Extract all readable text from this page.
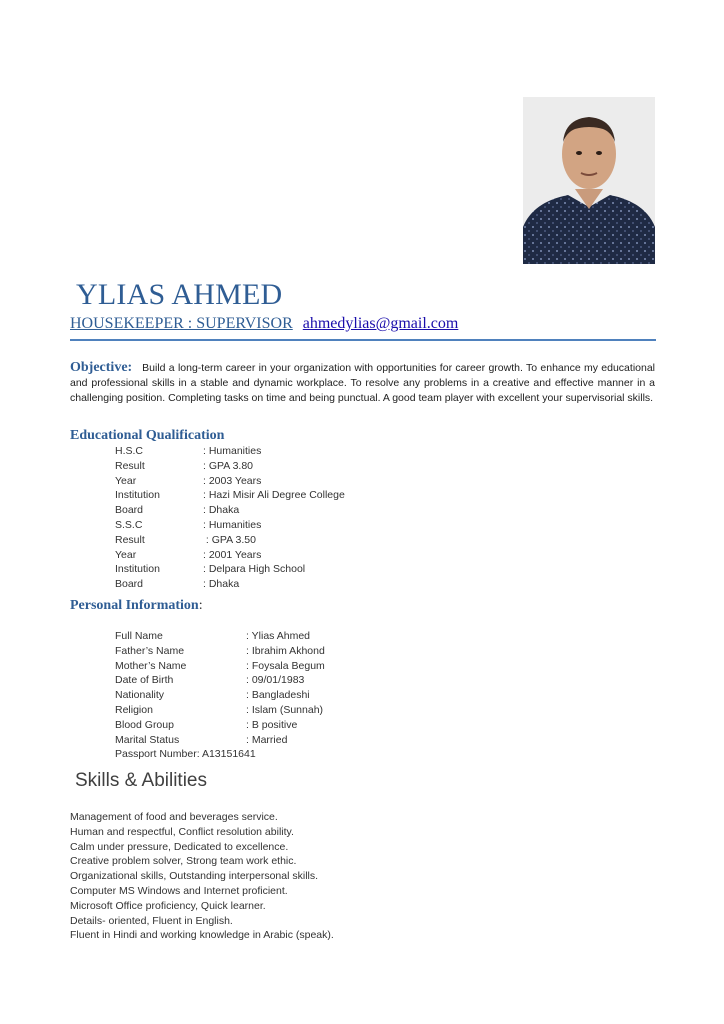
YLIAS AHMED
HOUSEKEEPER : SUPERVISOR ahmedylias@gmail.com
Objective: Build a long-term career in your organization with opportunities for career growth. To enhance my educational and professional skills in a stable and dynamic workplace. To resolve any problems in a creative and effective manner in a challenging position. Completing tasks on time and being punctual. A good team player with excellent your supervisorial skills.
Educational Qualification
H.S.C	: Humanities
Result	: GPA 3.80
Year	: 2003 Years
Institution	: Hazi Misir Ali Degree College
Board	: Dhaka
S.S.C	: Humanities
Result	: GPA 3.50
Year	: 2001 Years
Institution	: Delpara High School
Board	: Dhaka
Personal Information:
Full Name	: Ylias Ahmed
Father’s Name	: Ibrahim Akhond
Mother’s Name	: Foysala Begum
Date of Birth	: 09/01/1983
Nationality	: Bangladeshi
Religion	: Islam (Sunnah)
Blood Group	: B positive
Marital Status	: Married
Passport Number: A13151641
Skills & Abilities
Management of food and beverages service.
Human and respectful, Conflict resolution ability.
Calm under pressure, Dedicated to excellence.
Creative problem solver, Strong team work ethic.
Organizational skills, Outstanding interpersonal skills.
Computer MS Windows and Internet proficient.
Microsoft Office proficiency, Quick learner.
Details- oriented, Fluent in English.
Fluent in Hindi and working knowledge in Arabic (speak).
